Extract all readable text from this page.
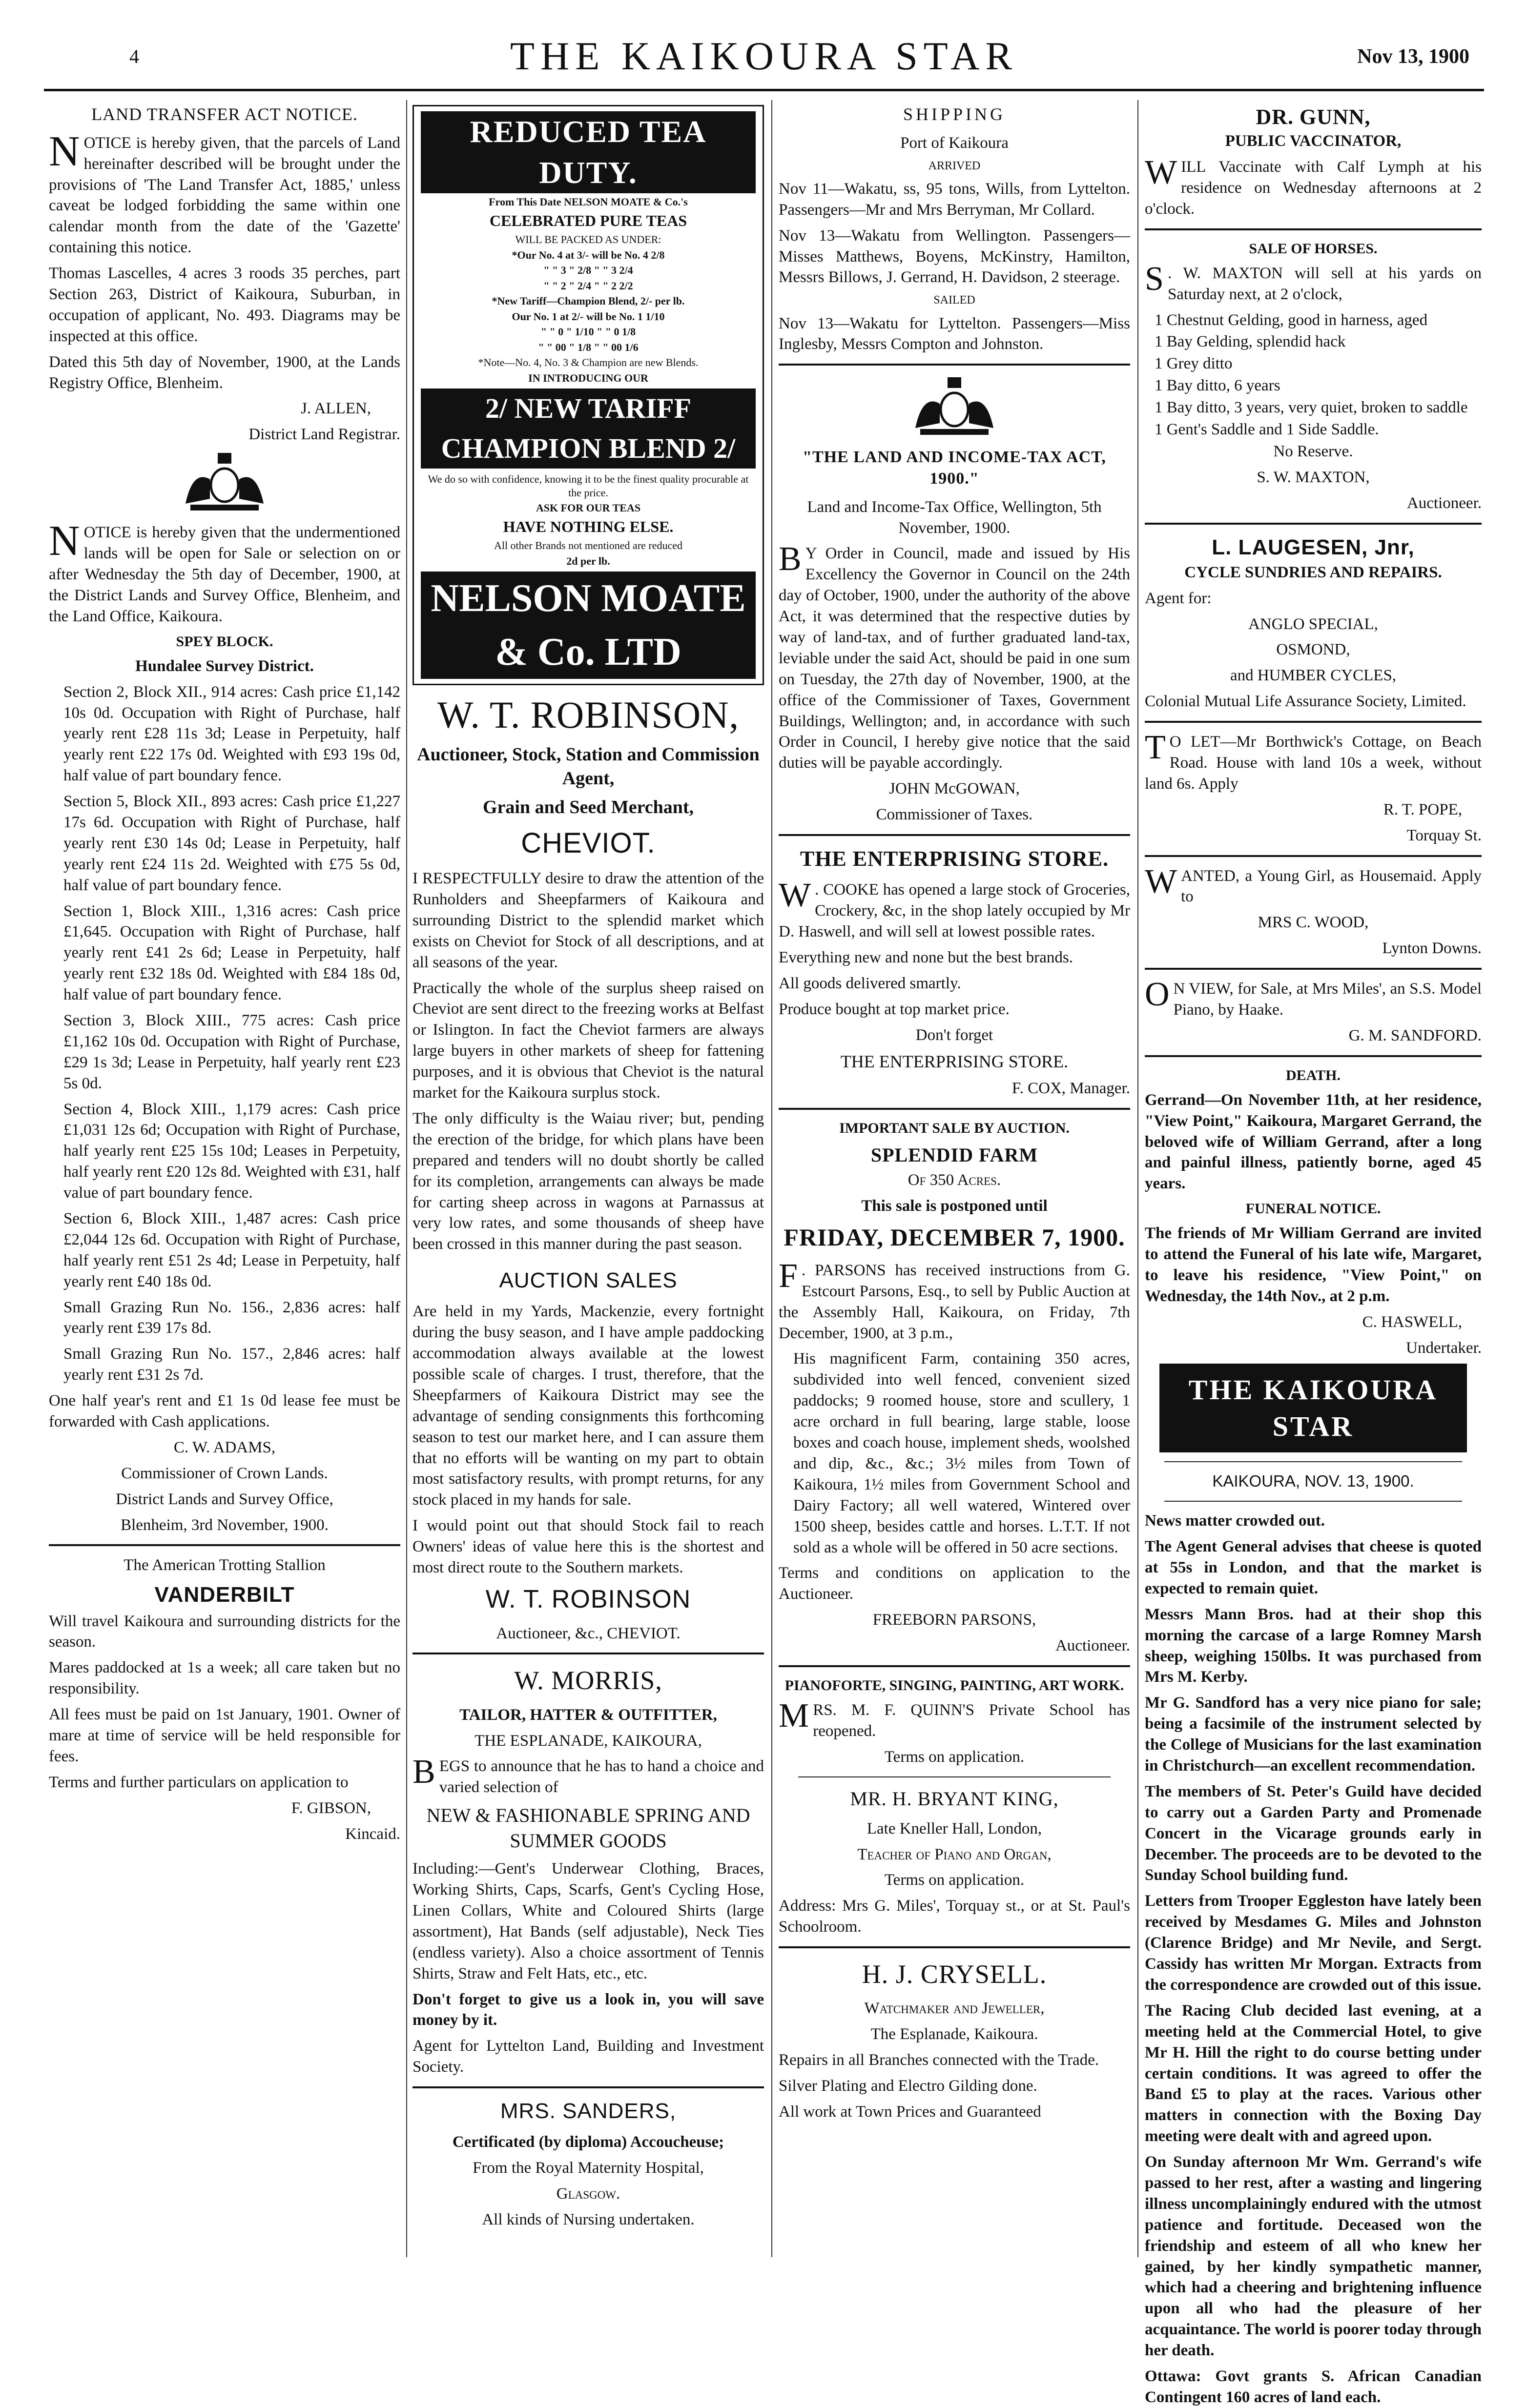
4	THE KAIKOURA STAR	Nov 13, 1900
LAND TRANSFER ACT NOTICE.

NOTICE is hereby given, that the parcels of Land hereinafter described will be brought under the provisions of 'The Land Transfer Act, 1885,' unless caveat be lodged forbidding the same within one calendar month from the date of the 'Gazette' containing this notice.

Thomas Lascelles, 4 acres 3 roods 35 perches, part Section 263, District of Kaikoura, Suburban, in occupation of applicant, No. 493. Diagrams may be inspected at this office.

Dated this 5th day of November, 1900, at the Lands Registry Office, Blenheim.

J. ALLEN,

District Land Registrar.

NOTICE is hereby given that the undermentioned lands will be open for Sale or selection on or after Wednesday the 5th day of December, 1900, at the District Lands and Survey Office, Blenheim, and the Land Office, Kaikoura.

SPEY BLOCK.

Hundalee Survey District.

Section 2, Block XII., 914 acres: Cash price £1,142 10s 0d. Occupation with Right of Purchase, half yearly rent £28 11s 3d; Lease in Perpetuity, half yearly rent £22 17s 0d. Weighted with £93 19s 0d, half value of part boundary fence.

Section 5, Block XII., 893 acres: Cash price £1,227 17s 6d. Occupation with Right of Purchase, half yearly rent £30 14s 0d; Lease in Perpetuity, half yearly rent £24 11s 2d. Weighted with £75 5s 0d, half value of part boundary fence.

Section 1, Block XIII., 1,316 acres: Cash price £1,645. Occupation with Right of Purchase, half yearly rent £41 2s 6d; Lease in Perpetuity, half yearly rent £32 18s 0d. Weighted with £84 18s 0d, half value of part boundary fence.

Section 3, Block XIII., 775 acres: Cash price £1,162 10s 0d. Occupation with Right of Purchase, £29 1s 3d; Lease in Perpetuity, half yearly rent £23 5s 0d.

Section 4, Block XIII., 1,179 acres: Cash price £1,031 12s 6d; Occupation with Right of Purchase, half yearly rent £25 15s 10d; Leases in Perpetuity, half yearly rent £20 12s 8d. Weighted with £31, half value of part boundary fence.

Section 6, Block XIII., 1,487 acres: Cash price £2,044 12s 6d. Occupation with Right of Purchase, half yearly rent £51 2s 4d; Lease in Perpetuity, half yearly rent £40 18s 0d.

Small Grazing Run No. 156., 2,836 acres: half yearly rent £39 17s 8d.

Small Grazing Run No. 157., 2,846 acres: half yearly rent £31 2s 7d.

One half year's rent and £1 1s 0d lease fee must be forwarded with Cash applications.

C. W. ADAMS,

Commissioner of Crown Lands.

District Lands and Survey Office,

Blenheim, 3rd November, 1900.

The American Trotting Stallion

VANDERBILT

Will travel Kaikoura and surrounding districts for the season.

Mares paddocked at 1s a week; all care taken but no responsibility.

All fees must be paid on 1st January, 1901. Owner of mare at time of service will be held responsible for fees.

Terms and further particulars on application to

F. GIBSON,

Kincaid.

REDUCED TEA DUTY.
From This Date NELSON MOATE & Co.'s
CELEBRATED PURE TEAS
WILL BE PACKED AS UNDER:
*Our No. 4 at 3/- will be No. 4 2/8
" " 3 " 2/8 " " 3 2/4
" " 2 " 2/4 " " 2 2/2
*New Tariff—Champion Blend, 2/- per lb.
Our No. 1 at 2/- will be No. 1 1/10
" " 0 " 1/10 " " 0 1/8
" " 00 " 1/8 " " 00 1/6
*Note—No. 4, No. 3 & Champion are new Blends.
IN INTRODUCING OUR
2/ NEW TARIFF CHAMPION BLEND 2/
We do so with confidence, knowing it to be the finest quality procurable at the price.
ASK FOR OUR TEAS
HAVE NOTHING ELSE.
All other Brands not mentioned are reduced
2d per lb.
NELSON MOATE & Co. LTD
W. T. ROBINSON,

Auctioneer, Stock, Station and Commission Agent,

Grain and Seed Merchant,

CHEVIOT.

I RESPECTFULLY desire to draw the attention of the Runholders and Sheepfarmers of Kaikoura and surrounding District to the splendid market which exists on Cheviot for Stock of all descriptions, and at all seasons of the year.

Practically the whole of the surplus sheep raised on Cheviot are sent direct to the freezing works at Belfast or Islington. In fact the Cheviot farmers are always large buyers in other markets of sheep for fattening purposes, and it is obvious that Cheviot is the natural market for the Kaikoura surplus stock.

The only difficulty is the Waiau river; but, pending the erection of the bridge, for which plans have been prepared and tenders will no doubt shortly be called for its completion, arrangements can always be made for carting sheep across in wagons at Parnassus at very low rates, and some thousands of sheep have been crossed in this manner during the past season.

AUCTION SALES

Are held in my Yards, Mackenzie, every fortnight during the busy season, and I have ample paddocking accommodation always available at the lowest possible scale of charges. I trust, therefore, that the Sheepfarmers of Kaikoura District may see the advantage of sending consignments this forthcoming season to test our market here, and I can assure them that no efforts will be wanting on my part to obtain most satisfactory results, with prompt returns, for any stock placed in my hands for sale.

I would point out that should Stock fail to reach Owners' ideas of value here this is the shortest and most direct route to the Southern markets.

W. T. ROBINSON

Auctioneer, &c., CHEVIOT.

W. MORRIS,

TAILOR, HATTER & OUTFITTER,

THE ESPLANADE, KAIKOURA,

BEGS to announce that he has to hand a choice and varied selection of

NEW & FASHIONABLE SPRING AND SUMMER GOODS

Including:—Gent's Underwear Clothing, Braces, Working Shirts, Caps, Scarfs, Gent's Cycling Hose, Linen Collars, White and Coloured Shirts (large assortment), Hat Bands (self adjustable), Neck Ties (endless variety). Also a choice assortment of Tennis Shirts, Straw and Felt Hats, etc., etc.

Don't forget to give us a look in, you will save money by it.

Agent for Lyttelton Land, Building and Investment Society.

MRS. SANDERS,

Certificated (by diploma) Accoucheuse;

From the Royal Maternity Hospital,

Glasgow.

All kinds of Nursing undertaken.

SHIPPING

Port of Kaikoura

ARRIVED

Nov 11—Wakatu, ss, 95 tons, Wills, from Lyttelton. Passengers—Mr and Mrs Berryman, Mr Collard.

Nov 13—Wakatu from Wellington. Passengers—Misses Matthews, Boyens, McKinstry, Hamilton, Messrs Billows, J. Gerrand, H. Davidson, 2 steerage.

SAILED

Nov 13—Wakatu for Lyttelton. Passengers—Miss Inglesby, Messrs Compton and Johnston.

"THE LAND AND INCOME-TAX ACT, 1900."

Land and Income-Tax Office, Wellington, 5th November, 1900.

B Y Order in Council, made and issued by His Excellency the Governor in Council on the 24th day of October, 1900, under the authority of the above Act, it was determined that the respective duties by way of land-tax, and of further graduated land-tax, leviable under the said Act, should be paid in one sum on Tuesday, the 27th day of November, 1900, at the office of the Commissioner of Taxes, Government Buildings, Wellington; and, in accordance with such Order in Council, I hereby give notice that the said duties will be payable accordingly.

JOHN McGOWAN,

Commissioner of Taxes.

THE ENTERPRISING STORE.

W . COOKE has opened a large stock of Groceries, Crockery, &c, in the shop lately occupied by Mr D. Haswell, and will sell at lowest possible rates.

Everything new and none but the best brands.

All goods delivered smartly.

Produce bought at top market price.

Don't forget

THE ENTERPRISING STORE.

F. COX, Manager.

IMPORTANT SALE BY AUCTION.
SPLENDID FARM

Of 350 Acres.

This sale is postponed until

FRIDAY, DECEMBER 7, 1900.

F . PARSONS has received instructions from G. Estcourt Parsons, Esq., to sell by Public Auction at the Assembly Hall, Kaikoura, on Friday, 7th December, 1900, at 3 p.m.,

His magnificent Farm, containing 350 acres, subdivided into well fenced, convenient sized paddocks; 9 roomed house, store and scullery, 1 acre orchard in full bearing, large stable, loose boxes and coach house, implement sheds, woolshed and dip, &c., &c.; 3½ miles from Town of Kaikoura, 1½ miles from Government School and Dairy Factory; all well watered, Wintered over 1500 sheep, besides cattle and horses. L.T.T. If not sold as a whole will be offered in 50 acre sections.

Terms and conditions on application to the Auctioneer.

FREEBORN PARSONS,

Auctioneer.

PIANOFORTE, SINGING, PAINTING, ART WORK.

MRS. M. F. QUINN'S Private School has reopened.

Terms on application.

MR. H. BRYANT KING,

Late Kneller Hall, London,

Teacher of Piano and Organ,

Terms on application.

Address: Mrs G. Miles', Torquay st., or at St. Paul's Schoolroom.

H. J. CRYSELL.

Watchmaker and Jeweller,

The Esplanade, Kaikoura.

Repairs in all Branches connected with the Trade.

Silver Plating and Electro Gilding done.

All work at Town Prices and Guaranteed

DR. GUNN,

PUBLIC VACCINATOR,

WILL Vaccinate with Calf Lymph at his residence on Wednesday afternoons at 2 o'clock.

SALE OF HORSES.

S . W. MAXTON will sell at his yards on Saturday next, at 2 o'clock,

1 Chestnut Gelding, good in harness, aged

1 Bay Gelding, splendid hack

1 Grey ditto

1 Bay ditto, 6 years

1 Bay ditto, 3 years, very quiet, broken to saddle

1 Gent's Saddle and 1 Side Saddle.

No Reserve.

S. W. MAXTON,

Auctioneer.

L. LAUGESEN, Jnr,

CYCLE SUNDRIES AND REPAIRS.

Agent for:

ANGLO SPECIAL,

OSMOND,

and HUMBER CYCLES,

Colonial Mutual Life Assurance Society, Limited.

T O LET—Mr Borthwick's Cottage, on Beach Road. House with land 10s a week, without land 6s. Apply

R. T. POPE,

Torquay St.

WANTED, a Young Girl, as Housemaid. Apply to

MRS C. WOOD,

Lynton Downs.

O N VIEW, for Sale, at Mrs Miles', an S.S. Model Piano, by Haake.

G. M. SANDFORD.

DEATH.

Gerrand—On November 11th, at her residence, "View Point," Kaikoura, Margaret Gerrand, the beloved wife of William Gerrand, after a long and painful illness, patiently borne, aged 45 years.

FUNERAL NOTICE.

The friends of Mr William Gerrand are invited to attend the Funeral of his late wife, Margaret, to leave his residence, "View Point," on Wednesday, the 14th Nov., at 2 p.m.

C. HASWELL,

Undertaker.

THE KAIKOURA STAR

KAIKOURA, NOV. 13, 1900.

News matter crowded out.

The Agent General advises that cheese is quoted at 55s in London, and that the market is expected to remain quiet.

Messrs Mann Bros. had at their shop this morning the carcase of a large Romney Marsh sheep, weighing 150lbs. It was purchased from Mrs M. Kerby.

Mr G. Sandford has a very nice piano for sale; being a facsimile of the instrument selected by the College of Musicians for the last examination in Christchurch—an excellent recommendation.

The members of St. Peter's Guild have decided to carry out a Garden Party and Promenade Concert in the Vicarage grounds early in December. The proceeds are to be devoted to the Sunday School building fund.

Letters from Trooper Eggleston have lately been received by Mesdames G. Miles and Johnston (Clarence Bridge) and Mr Nevile, and Sergt. Cassidy has written Mr Morgan. Extracts from the correspondence are crowded out of this issue.

The Racing Club decided last evening, at a meeting held at the Commercial Hotel, to give Mr H. Hill the right to do course betting under certain conditions. It was agreed to offer the Band £5 to play at the races. Various other matters in connection with the Boxing Day meeting were dealt with and agreed upon.

On Sunday afternoon Mr Wm. Gerrand's wife passed to her rest, after a wasting and lingering illness uncomplainingly endured with the utmost patience and fortitude. Deceased won the friendship and esteem of all who knew her gained, by her kindly sympathetic manner, which had a cheering and brightening influence upon all who had the pleasure of her acquaintance. The world is poorer today through her death.

Ottawa: Govt grants S. African Canadian Contingent 160 acres of land each.
